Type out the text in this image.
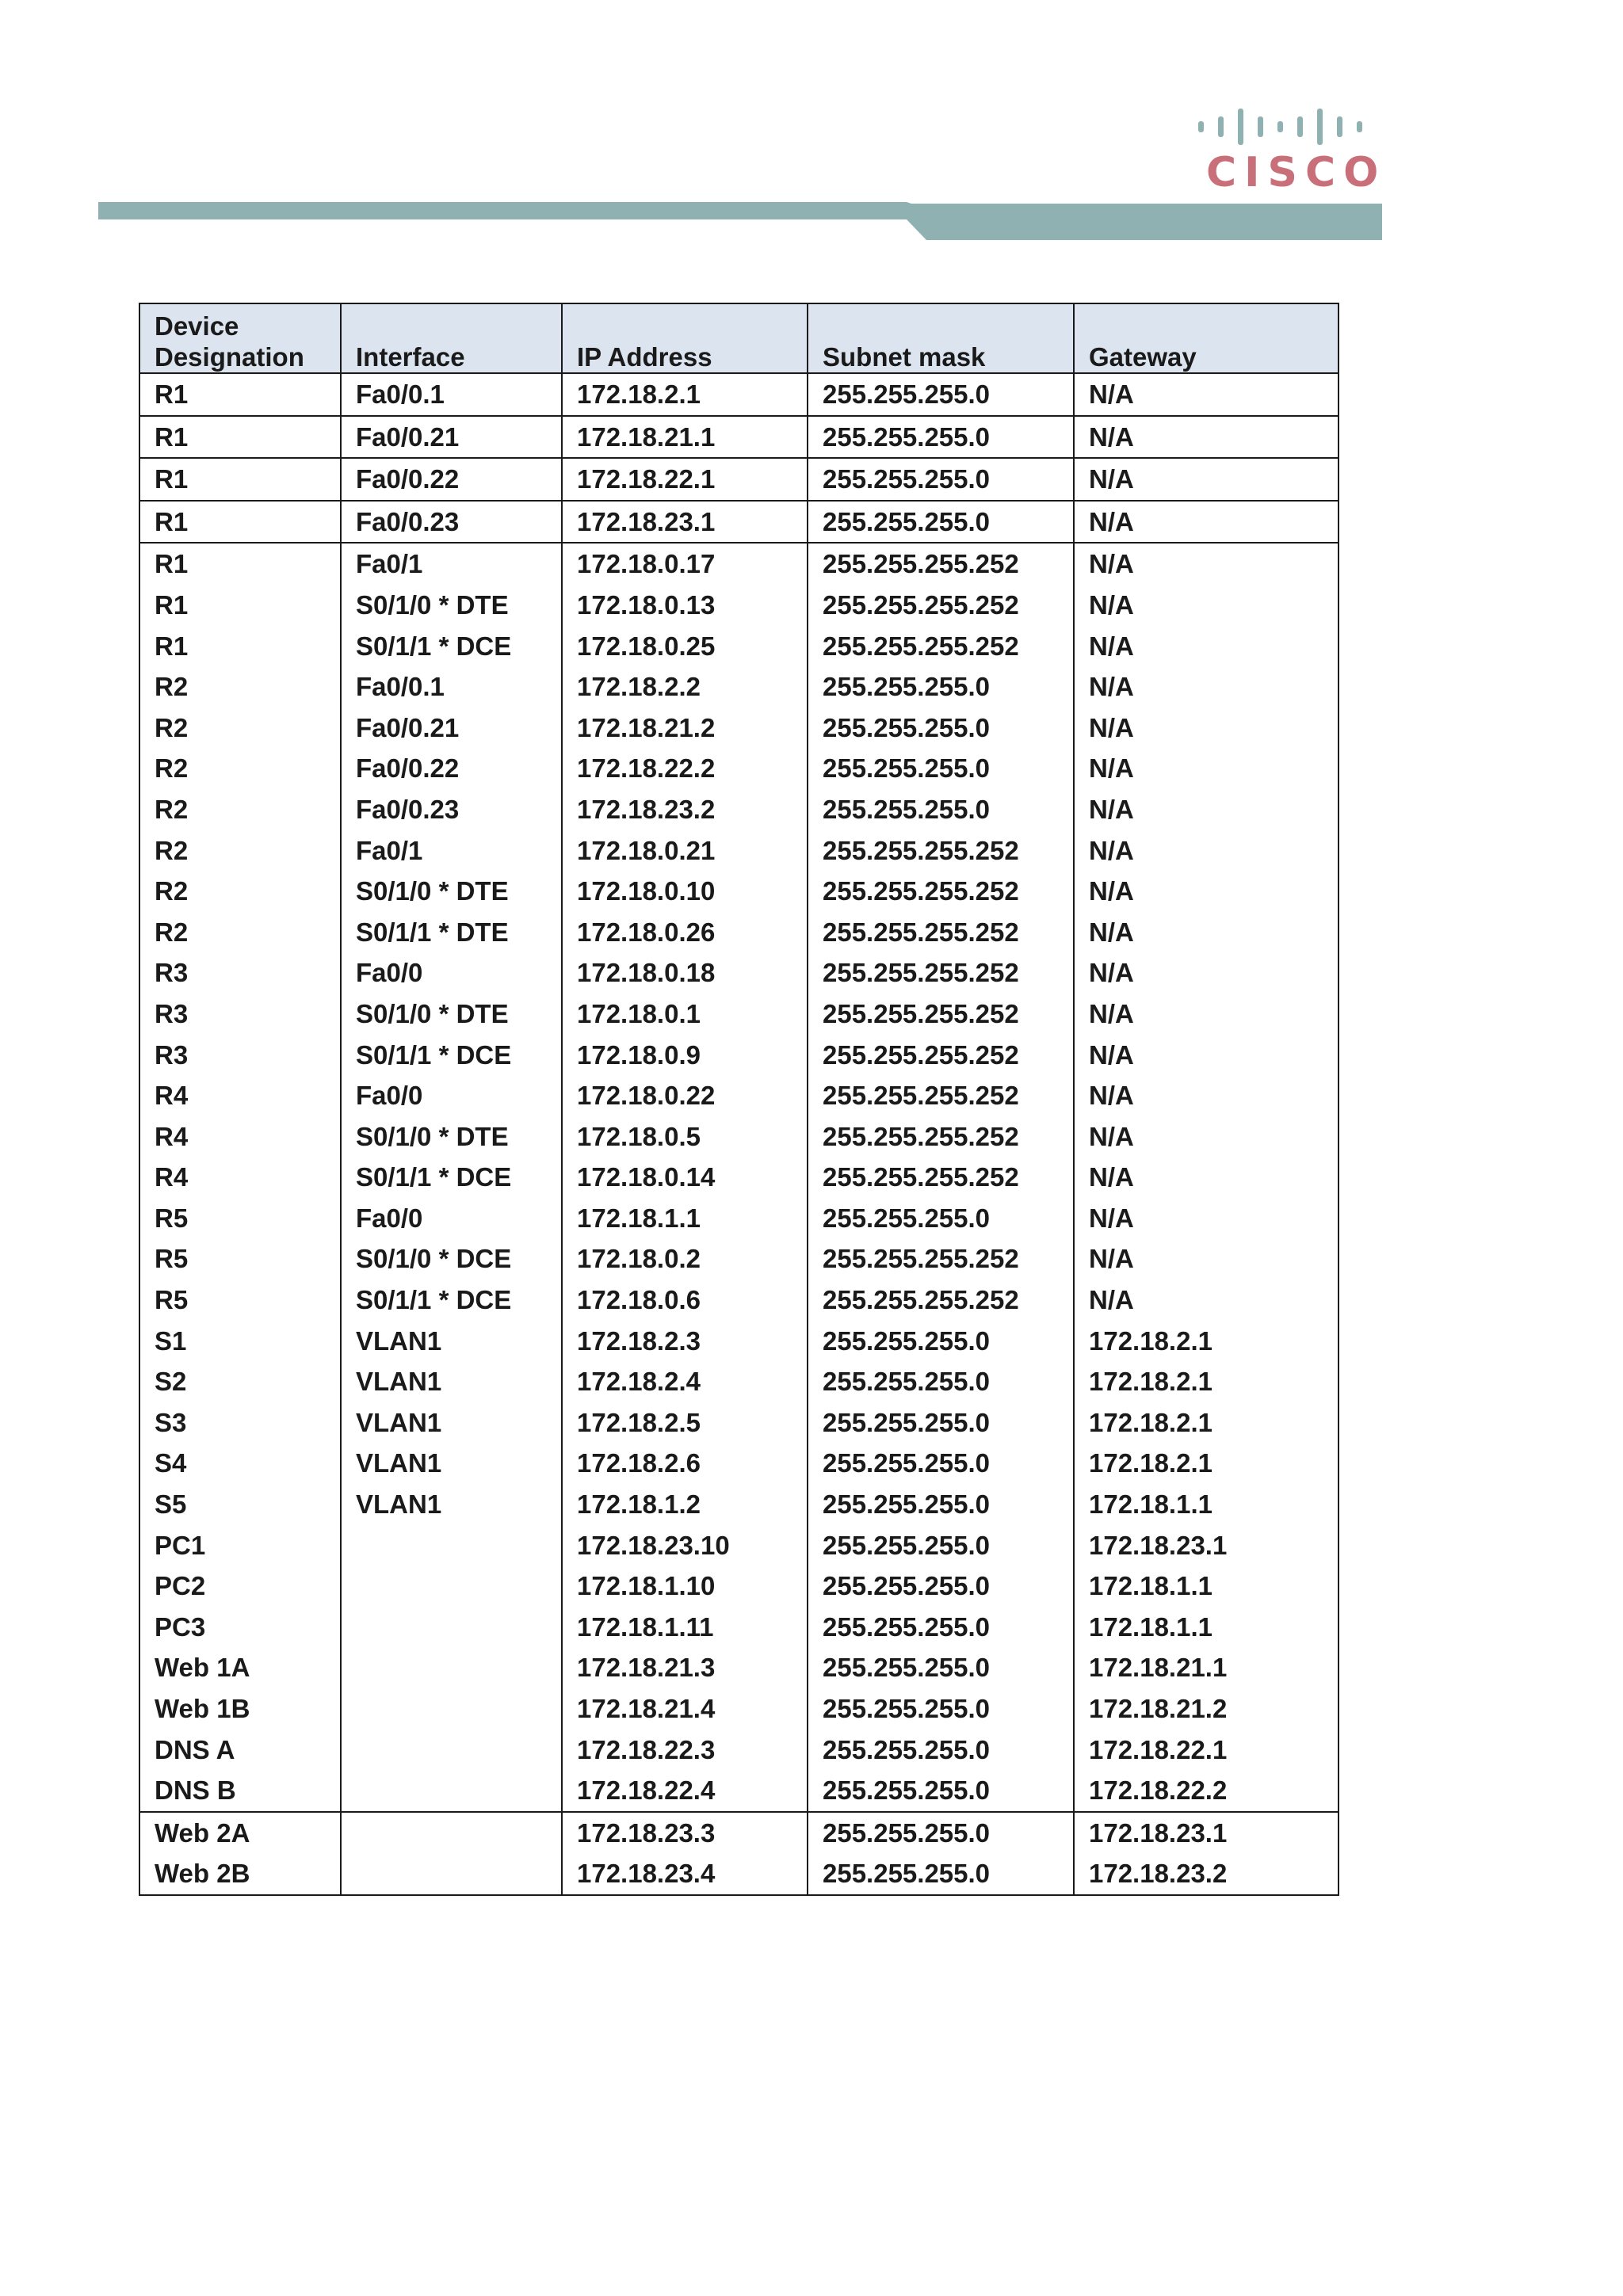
CISCO
Device
Designation	Interface	IP Address	Subnet mask	Gateway
R1	Fa0/0.1	172.18.2.1	255.255.255.0	N/A
R1	Fa0/0.21	172.18.21.1	255.255.255.0	N/A
R1	Fa0/0.22	172.18.22.1	255.255.255.0	N/A
R1	Fa0/0.23	172.18.23.1	255.255.255.0	N/A
R1	Fa0/1	172.18.0.17	255.255.255.252	N/A
R1	S0/1/0 * DTE	172.18.0.13	255.255.255.252	N/A
R1	S0/1/1 * DCE	172.18.0.25	255.255.255.252	N/A
R2	Fa0/0.1	172.18.2.2	255.255.255.0	N/A
R2	Fa0/0.21	172.18.21.2	255.255.255.0	N/A
R2	Fa0/0.22	172.18.22.2	255.255.255.0	N/A
R2	Fa0/0.23	172.18.23.2	255.255.255.0	N/A
R2	Fa0/1	172.18.0.21	255.255.255.252	N/A
R2	S0/1/0 * DTE	172.18.0.10	255.255.255.252	N/A
R2	S0/1/1 * DTE	172.18.0.26	255.255.255.252	N/A
R3	Fa0/0	172.18.0.18	255.255.255.252	N/A
R3	S0/1/0 * DTE	172.18.0.1	255.255.255.252	N/A
R3	S0/1/1 * DCE	172.18.0.9	255.255.255.252	N/A
R4	Fa0/0	172.18.0.22	255.255.255.252	N/A
R4	S0/1/0 * DTE	172.18.0.5	255.255.255.252	N/A
R4	S0/1/1 * DCE	172.18.0.14	255.255.255.252	N/A
R5	Fa0/0	172.18.1.1	255.255.255.0	N/A
R5	S0/1/0 * DCE	172.18.0.2	255.255.255.252	N/A
R5	S0/1/1 * DCE	172.18.0.6	255.255.255.252	N/A
S1	VLAN1	172.18.2.3	255.255.255.0	172.18.2.1
S2	VLAN1	172.18.2.4	255.255.255.0	172.18.2.1
S3	VLAN1	172.18.2.5	255.255.255.0	172.18.2.1
S4	VLAN1	172.18.2.6	255.255.255.0	172.18.2.1
S5	VLAN1	172.18.1.2	255.255.255.0	172.18.1.1
PC1		172.18.23.10	255.255.255.0	172.18.23.1
PC2		172.18.1.10	255.255.255.0	172.18.1.1
PC3		172.18.1.11	255.255.255.0	172.18.1.1
Web 1A		172.18.21.3	255.255.255.0	172.18.21.1
Web 1B		172.18.21.4	255.255.255.0	172.18.21.2
DNS A		172.18.22.3	255.255.255.0	172.18.22.1
DNS B		172.18.22.4	255.255.255.0	172.18.22.2
Web 2A		172.18.23.3	255.255.255.0	172.18.23.1
Web 2B		172.18.23.4	255.255.255.0	172.18.23.2
